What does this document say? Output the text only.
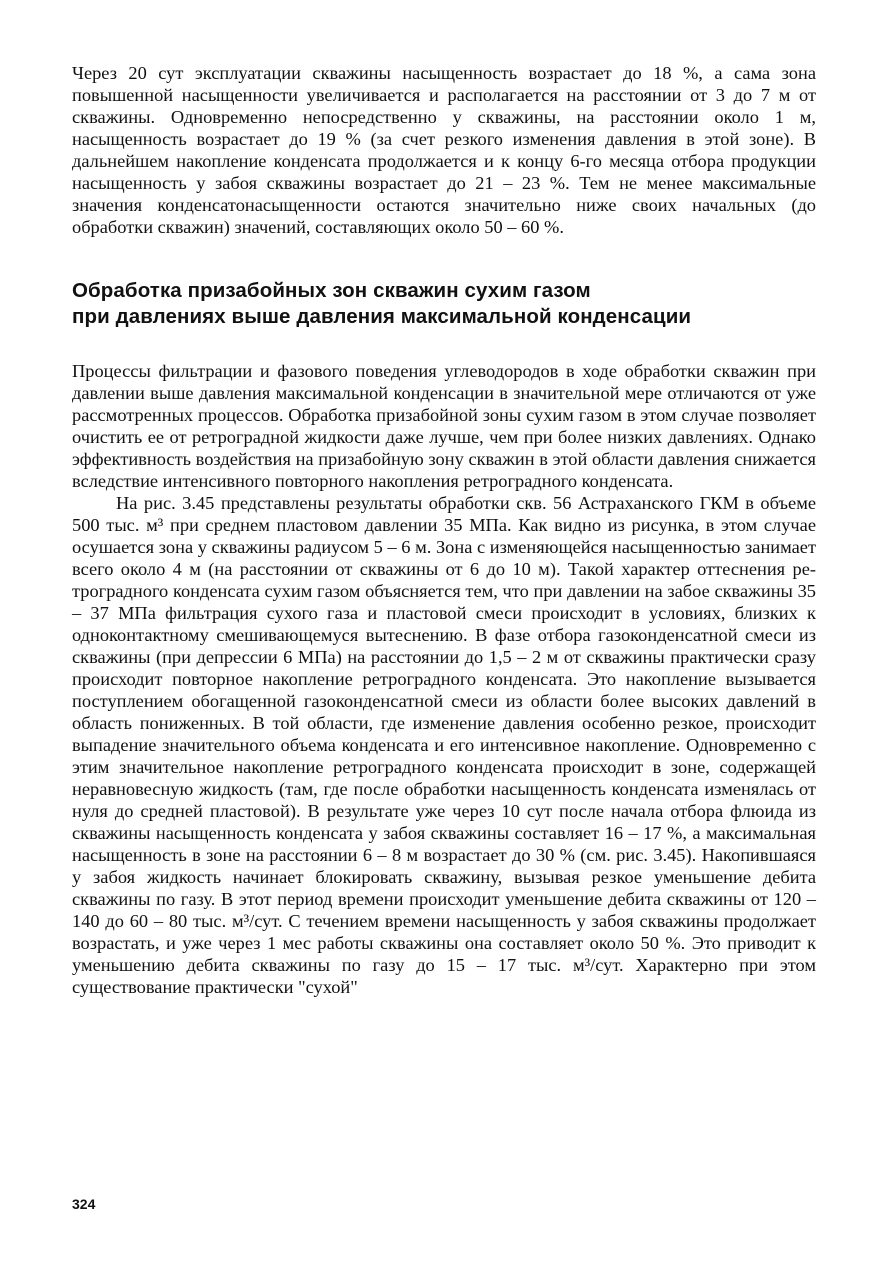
Через 20 сут эксплуатации скважины насыщенность возрастает до 18 %, а сама зона повышенной насыщенности увеличивается и располагается на расстоянии от 3 до 7 м от скважины. Одновременно непосредственно у скважины, на расстоянии около 1 м, насыщенность возрастает до 19 % (за счет резкого изменения давления в этой зоне). В дальнейшем накопление конденсата продолжается и к концу 6-го месяца отбора продукции насыщенность у забоя скважины возрастает до 21 – 23 %. Тем не менее максимальные значения конденсатонасыщенности остаются значительно ниже своих начальных (до обработки скважин) значений, составляющих около 50 – 60 %.

Обработка призабойных зон скважин сухим газом
при давлениях выше давления максимальной конденсации

Процессы фильтрации и фазового поведения углеводородов в ходе обработки скважин при давлении выше давления максимальной конденсации в значительной мере отличаются от уже рассмотренных процессов. Обработка призабойной зоны сухим газом в этом случае позволяет очистить ее от ретроградной жидкости даже лучше, чем при более низких давлениях. Однако эффективность воздействия на призабойную зону скважин в этой области давления снижается вследствие интенсивного повторного накопления ретроградного конденсата.

На рис. 3.45 представлены результаты обработки скв. 56 Астраханского ГКМ в объеме 500 тыс. м³ при среднем пластовом давлении 35 МПа. Как видно из рисунка, в этом случае осушается зона у скважины радиусом 5 – 6 м. Зона с изменяющейся насыщенностью занимает всего около 4 м (на расстоянии от скважины от 6 до 10 м). Такой характер оттеснения ретроградного конденсата сухим газом объясняется тем, что при давлении на забое скважины 35 – 37 МПа фильтрация сухого газа и пластовой смеси происходит в условиях, близких к одноконтактному смешивающемуся вытеснению. В фазе отбора газоконденсатной смеси из скважины (при депрессии 6 МПа) на расстоянии до 1,5 – 2 м от скважины практически сразу происходит повторное накопление ретроградного конденсата. Это накопление вызывается поступлением обогащенной газоконденсатной смеси из области более высоких давлений в область пониженных. В той области, где изменение давления особенно резкое, происходит выпадение значительного объема конденсата и его интенсивное накопление. Одновременно с этим значительное накопление ретроградного конденсата происходит в зоне, содержащей неравновесную жидкость (там, где после обработки насыщенность конденсата изменялась от нуля до средней пластовой). В результате уже через 10 сут после начала отбора флюида из скважины насыщенность конденсата у забоя скважины составляет 16 – 17 %, а максимальная насыщенность в зоне на расстоянии 6 – 8 м возрастает до 30 % (см. рис. 3.45). Накопившаяся у забоя жидкость начинает блокировать скважину, вызывая резкое уменьшение дебита скважины по газу. В этот период времени происходит уменьшение дебита скважины от 120 – 140 до 60 – 80 тыс. м³/сут. С течением времени насыщенность у забоя скважины продолжает возрастать, и уже через 1 мес работы скважины она составляет около 50 %. Это приводит к уменьшению дебита скважины по газу до 15 – 17 тыс. м³/сут. Характерно при этом существование практически "сухой"

324
